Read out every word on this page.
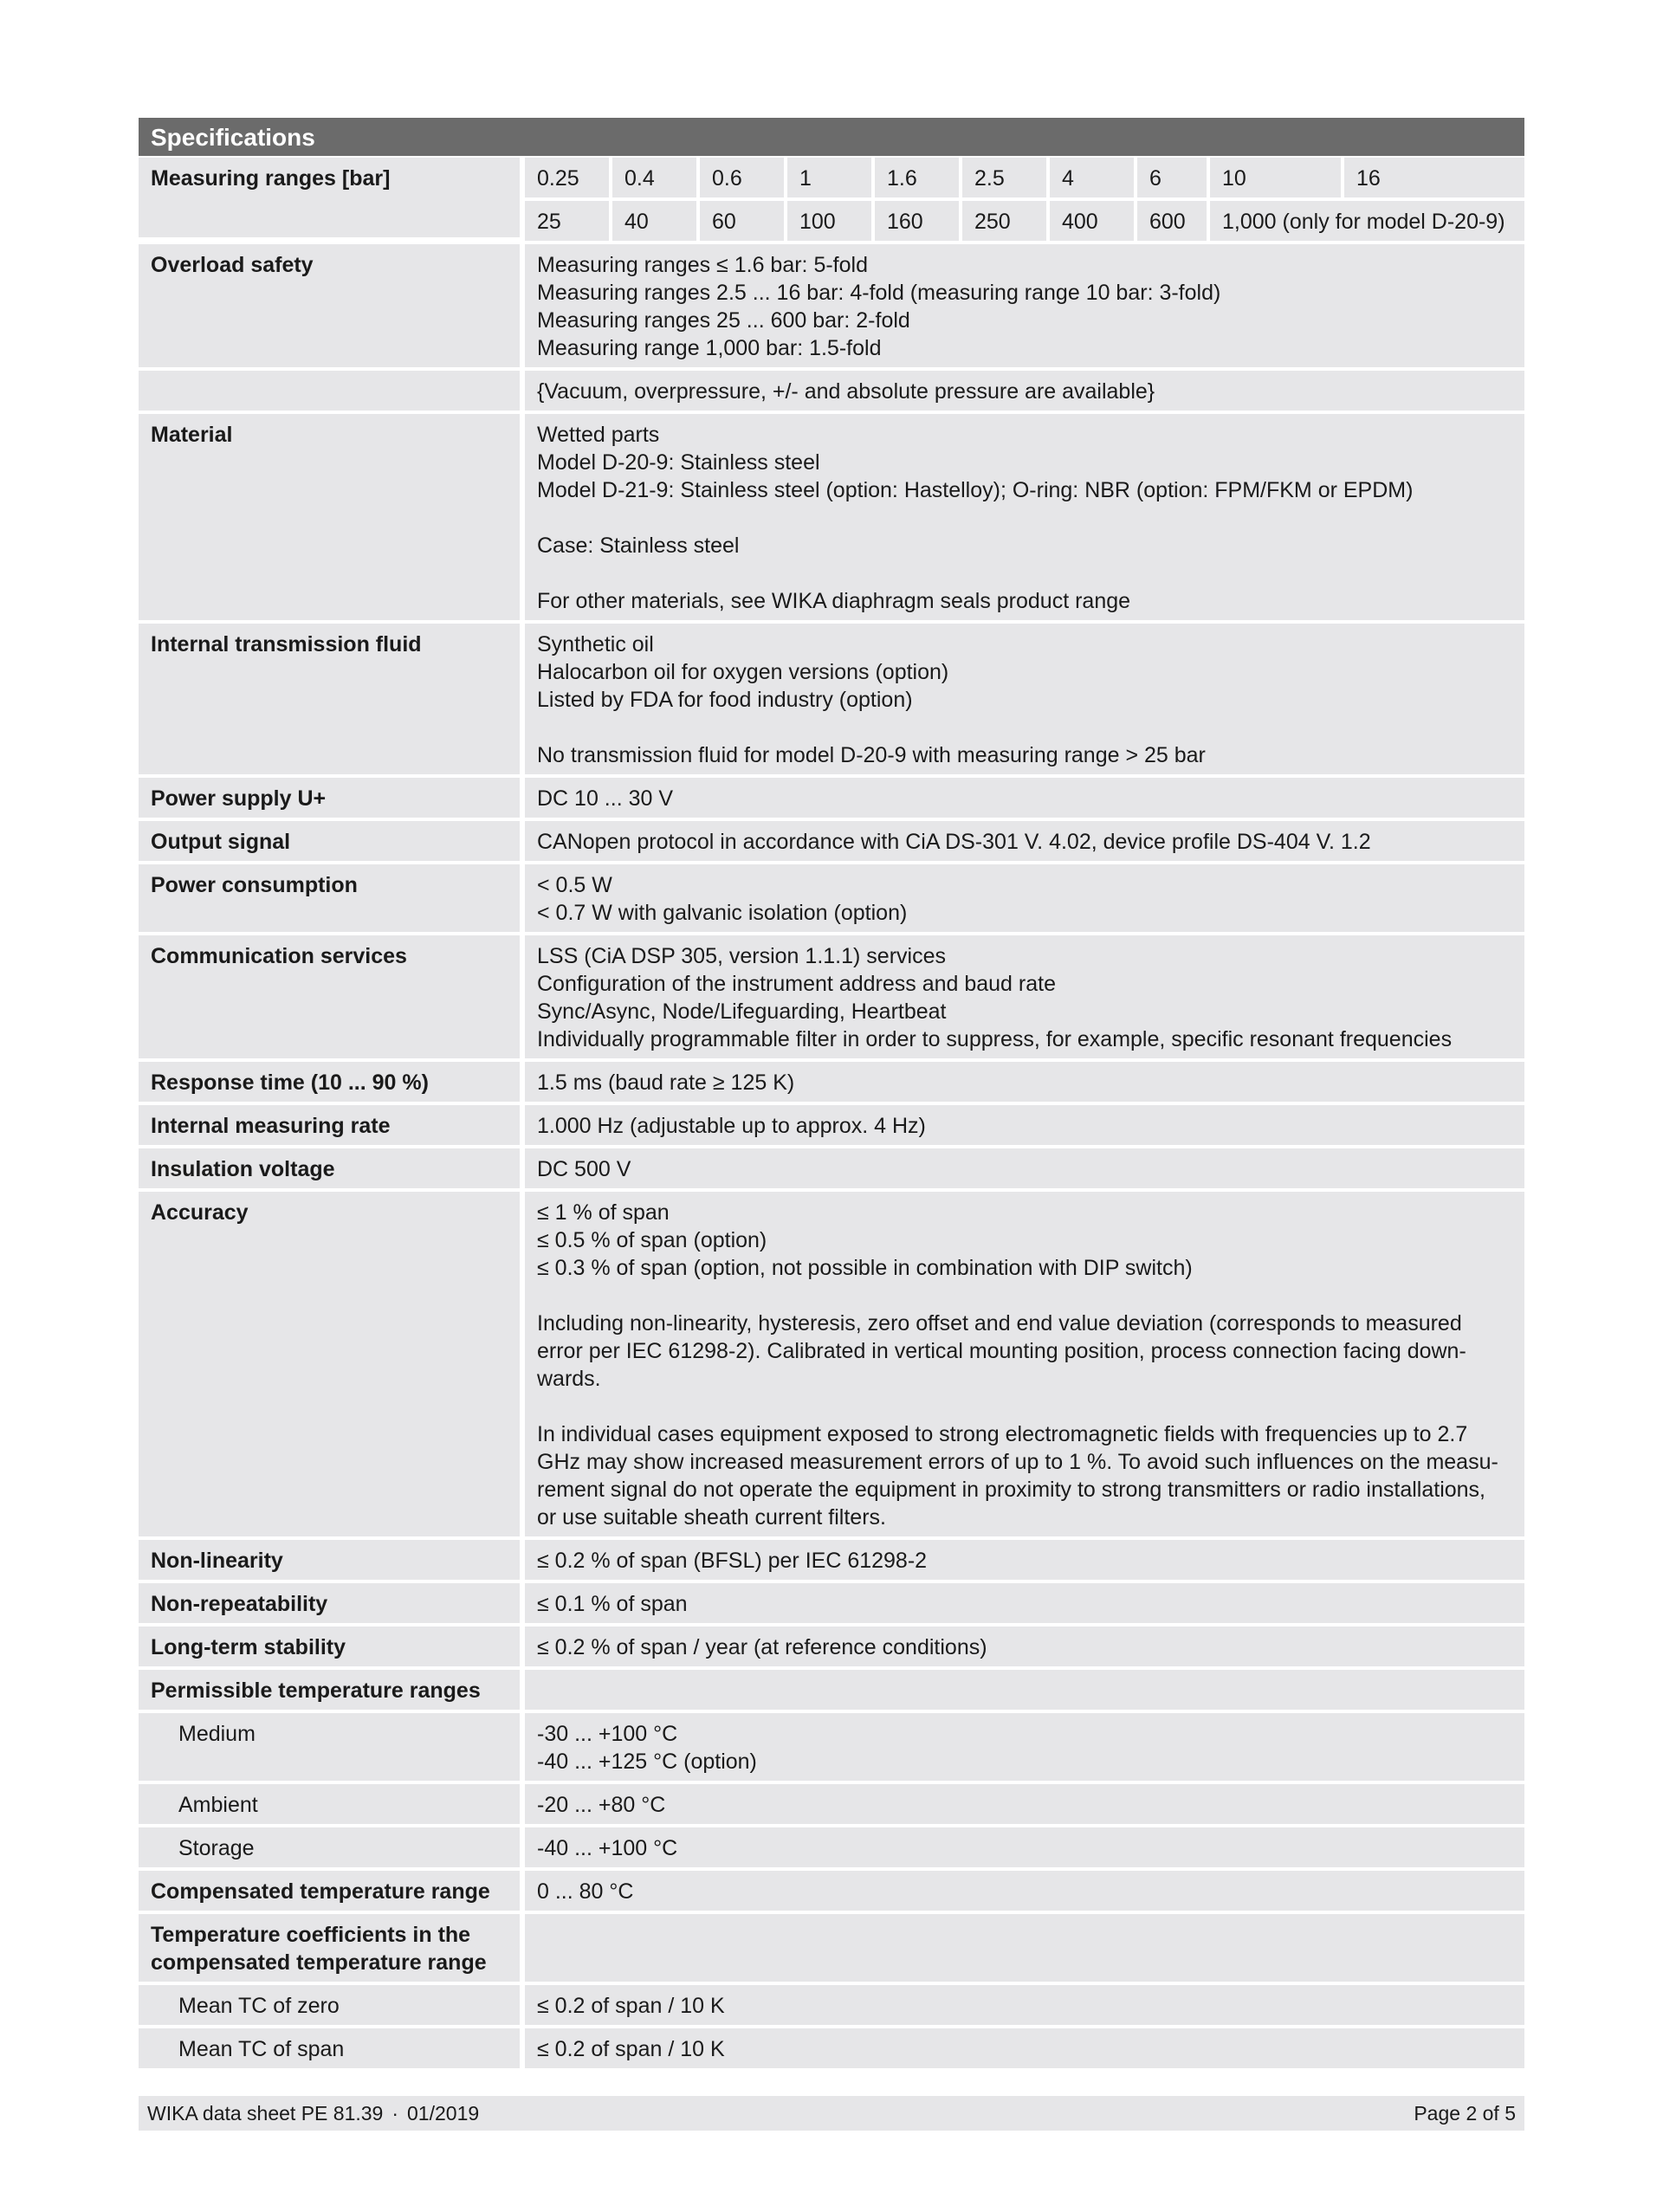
Specifications
Measuring ranges [bar]	0.25	0.4	0.6	1	1.6	2.5	4	6	10	16
25	40	60	100	160	250	400	600	1,000 (only for model D-20-9)
Overload safety	Measuring ranges ≤ 1.6 bar: 5-fold

Measuring ranges 2.5 ... 16 bar: 4-fold (measuring range 10 bar: 3-fold)

Measuring ranges 25 ... 600 bar: 2-fold

Measuring range 1,000 bar: 1.5-fold

{Vacuum, overpressure, +/- and absolute pressure are available}

Material	Wetted parts

Model D-20-9: Stainless steel

Model D-21-9: Stainless steel (option: Hastelloy); O-ring: NBR (option: FPM/FKM or EPDM)

Case: Stainless steel

For other materials, see WIKA diaphragm seals product range

Internal transmission fluid	Synthetic oil

Halocarbon oil for oxygen versions (option)

Listed by FDA for food industry (option)

No transmission fluid for model D-20-9 with measuring range > 25 bar

Power supply U+	DC 10 ... 30 V

Output signal	CANopen protocol in accordance with CiA DS-301 V. 4.02, device profile DS-404 V. 1.2

Power consumption	< 0.5 W

< 0.7 W with galvanic isolation (option)

Communication services	LSS (CiA DSP 305, version 1.1.1) services

Configuration of the instrument address and baud rate

Sync/Async, Node/Lifeguarding, Heartbeat

Individually programmable filter in order to suppress, for example, specific resonant frequencies

Response time (10 ... 90 %)	1.5 ms (baud rate ≥ 125 K)

Internal measuring rate	1.000 Hz (adjustable up to approx. 4 Hz)

Insulation voltage	DC 500 V

Accuracy	≤ 1 % of span

≤ 0.5 % of span (option)

≤ 0.3 % of span (option, not possible in combination with DIP switch)

Including non-linearity, hysteresis, zero offset and end value deviation (corresponds to measured

error per IEC 61298-2). Calibrated in vertical mounting position, process connection facing down-

wards.

In individual cases equipment exposed to strong electromagnetic fields with frequencies up to 2.7

GHz may show increased measurement errors of up to 1 %. To avoid such influences on the measu-

rement signal do not operate the equipment in proximity to strong transmitters or radio installations,

or use suitable sheath current filters.

Non-linearity	≤ 0.2 % of span (BFSL) per IEC 61298-2

Non-repeatability	≤ 0.1 % of span

Long-term stability	≤ 0.2 % of span / year (at reference conditions)

Permissible temperature ranges

Medium	-30 ... +100 °C

-40 ... +125 °C (option)

Ambient	-20 ... +80 °C

Storage	-40 ... +100 °C

Compensated temperature range	0 ... 80 °C

Temperature coefficients in the compensated temperature range

Mean TC of zero	≤ 0.2 of span / 10 K

Mean TC of span	≤ 0.2 of span / 10 K

WIKA data sheet PE 81.39 · 01/2019	Page 2 of 5
